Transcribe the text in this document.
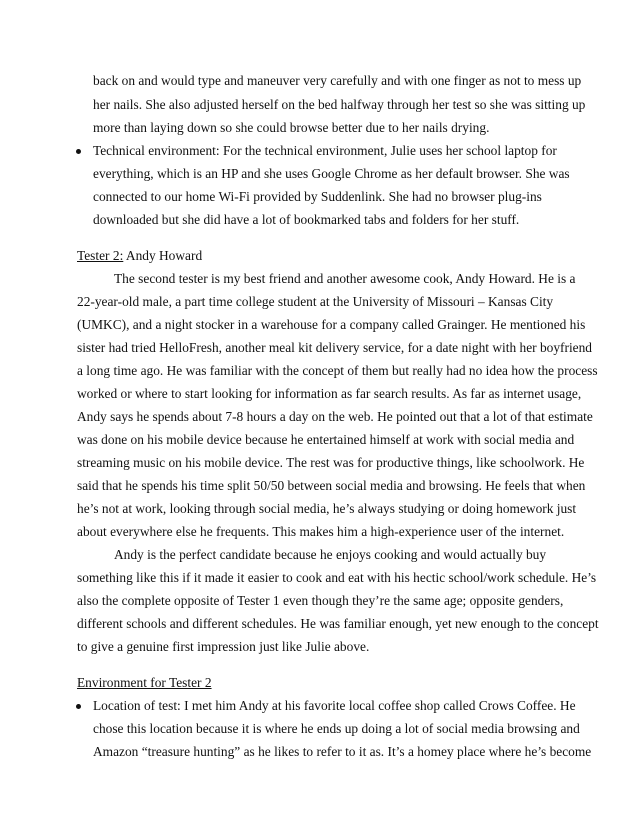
back on and would type and maneuver very carefully and with one finger as not to mess up
her nails. She also adjusted herself on the bed halfway through her test so she was sitting up
more than laying down so she could browse better due to her nails drying.
Technical environment: For the technical environment, Julie uses her school laptop for
everything, which is an HP and she uses Google Chrome as her default browser. She was
connected to our home Wi-Fi provided by Suddenlink. She had no browser plug-ins
downloaded but she did have a lot of bookmarked tabs and folders for her stuff.
Tester 2: Andy Howard
The second tester is my best friend and another awesome cook, Andy Howard. He is a
22-year-old male, a part time college student at the University of Missouri – Kansas City
(UMKC), and a night stocker in a warehouse for a company called Grainger. He mentioned his
sister had tried HelloFresh, another meal kit delivery service, for a date night with her boyfriend
a long time ago. He was familiar with the concept of them but really had no idea how the process
worked or where to start looking for information as far search results. As far as internet usage,
Andy says he spends about 7-8 hours a day on the web. He pointed out that a lot of that estimate
was done on his mobile device because he entertained himself at work with social media and
streaming music on his mobile device. The rest was for productive things, like schoolwork. He
said that he spends his time split 50/50 between social media and browsing. He feels that when
he’s not at work, looking through social media, he’s always studying or doing homework just
about everywhere else he frequents. This makes him a high-experience user of the internet.
Andy is the perfect candidate because he enjoys cooking and would actually buy
something like this if it made it easier to cook and eat with his hectic school/work schedule. He’s
also the complete opposite of Tester 1 even though they’re the same age; opposite genders,
different schools and different schedules. He was familiar enough, yet new enough to the concept
to give a genuine first impression just like Julie above.
Environment for Tester 2
Location of test: I met him Andy at his favorite local coffee shop called Crows Coffee. He
chose this location because it is where he ends up doing a lot of social media browsing and
Amazon “treasure hunting” as he likes to refer to it as. It’s a homey place where he’s become
